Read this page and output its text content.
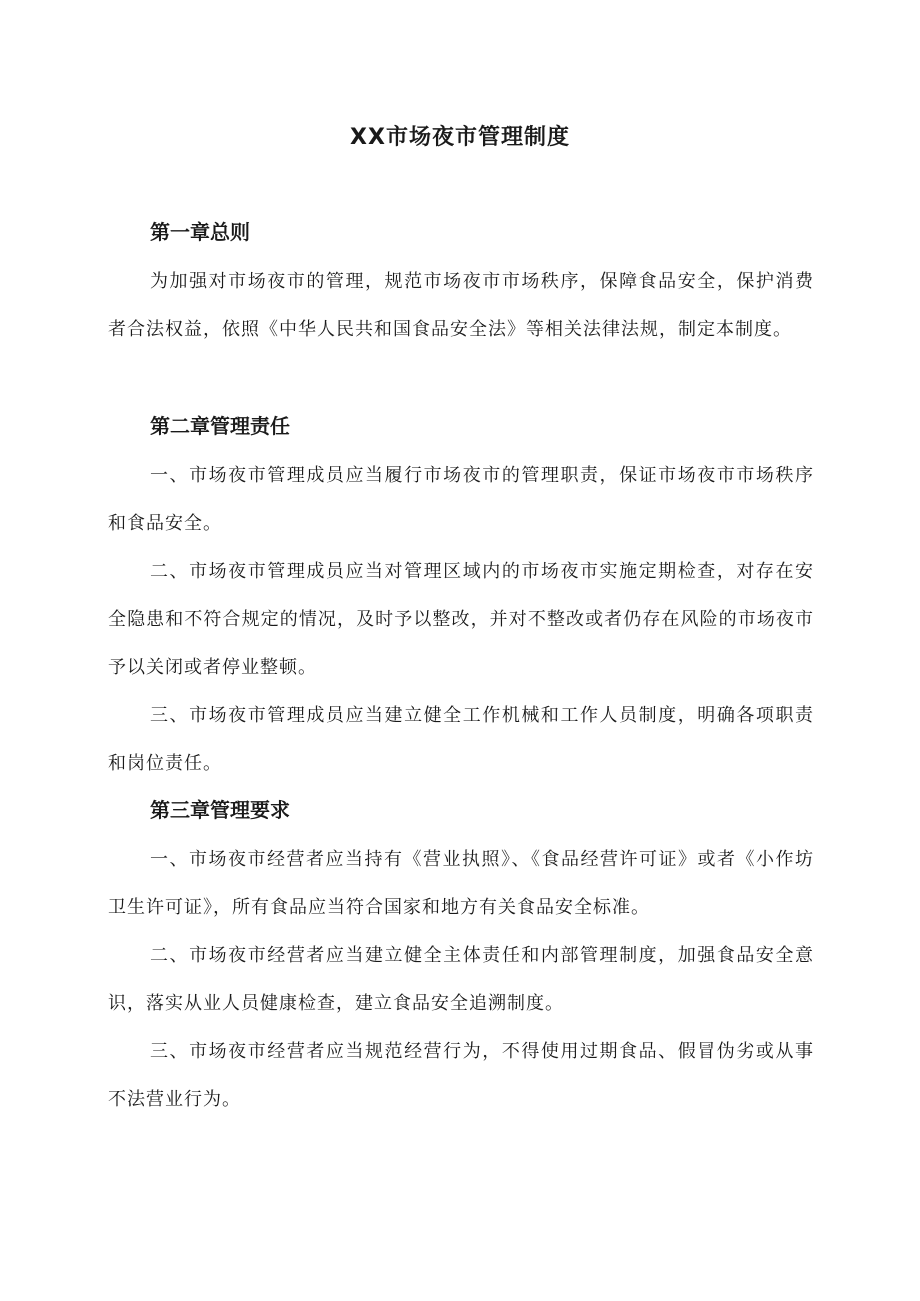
XX市场夜市管理制度
第一章总则
为加强对市场夜市的管理，规范市场夜市市场秩序，保障食品安全，保护消费者合法权益，依照《中华人民共和国食品安全法》等相关法律法规，制定本制度。
第二章管理责任
一、市场夜市管理成员应当履行市场夜市的管理职责，保证市场夜市市场秩序和食品安全。
二、市场夜市管理成员应当对管理区域内的市场夜市实施定期检查，对存在安全隐患和不符合规定的情况，及时予以整改，并对不整改或者仍存在风险的市场夜市予以关闭或者停业整顿。
三、市场夜市管理成员应当建立健全工作机械和工作人员制度，明确各项职责和岗位责任。
第三章管理要求
一、市场夜市经营者应当持有《营业执照》、《食品经营许可证》或者《小作坊卫生许可证》，所有食品应当符合国家和地方有关食品安全标准。
二、市场夜市经营者应当建立健全主体责任和内部管理制度，加强食品安全意识，落实从业人员健康检查，建立食品安全追溯制度。
三、市场夜市经营者应当规范经营行为，不得使用过期食品、假冒伪劣或从事不法营业行为。
